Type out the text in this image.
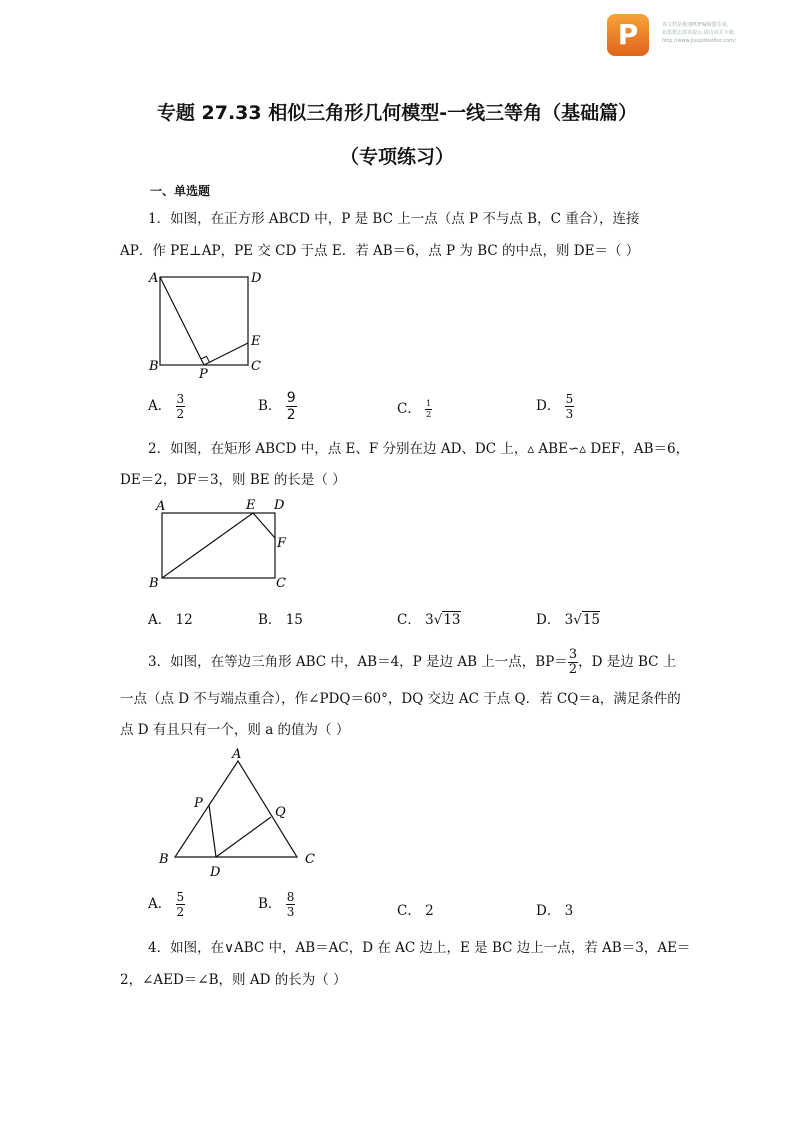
P	该文档是极速PDF编辑器生成,
如果想去掉该提示,请访问并下载:
http://www.jisupdfeditor.com/
专题 27.33 相似三角形几何模型-一线三等角（基础篇）
（专项练习）
一、单选题
1．如图，在正方形 ABCD 中，P 是 BC 上一点（点 P 不与点 B，C 重合），连接
AP．作 PE⊥AP，PE 交 CD 于点 E．若 AB＝6，点 P 为 BC 的中点，则 DE＝（ ）
A	D
B	C
E
P
A． $\frac{3}{2}$	B． $\frac{9}{2}$	C． $\frac{1}{2}$	D． $\frac{5}{3}$
2．如图，在矩形 ABCD 中，点 E、F 分别在边 AD、DC 上，▵ ABE∽▵ DEF，AB＝6，
DE＝2，DF＝3，则 BE 的长是（ ）
A	E D
F
B	C
A． 12	B． 15	C． 3√13	D． 3√15
3．如图，在等边三角形 ABC 中，AB＝4，P 是边 AB 上一点，$BP= \frac{3}{2}$ ，D 是边 BC 上
一点（点 D 不与端点重合），作∠PDQ＝60°，DQ 交边 AC 于点 Q．若 CQ＝a，满足条件的
点 D 有且只有一个，则 a 的值为（ ）
A
P
Q
B	C
D
A． $\frac{5}{2}$	B． $\frac{8}{3}$	C． 2	D． 3
4．如图，在∨ABC 中，AB＝AC，D 在 AC 边上，E 是 BC 边上一点，若 AB＝3，AE＝
2，∠AED＝∠B，则 AD 的长为（ ）
